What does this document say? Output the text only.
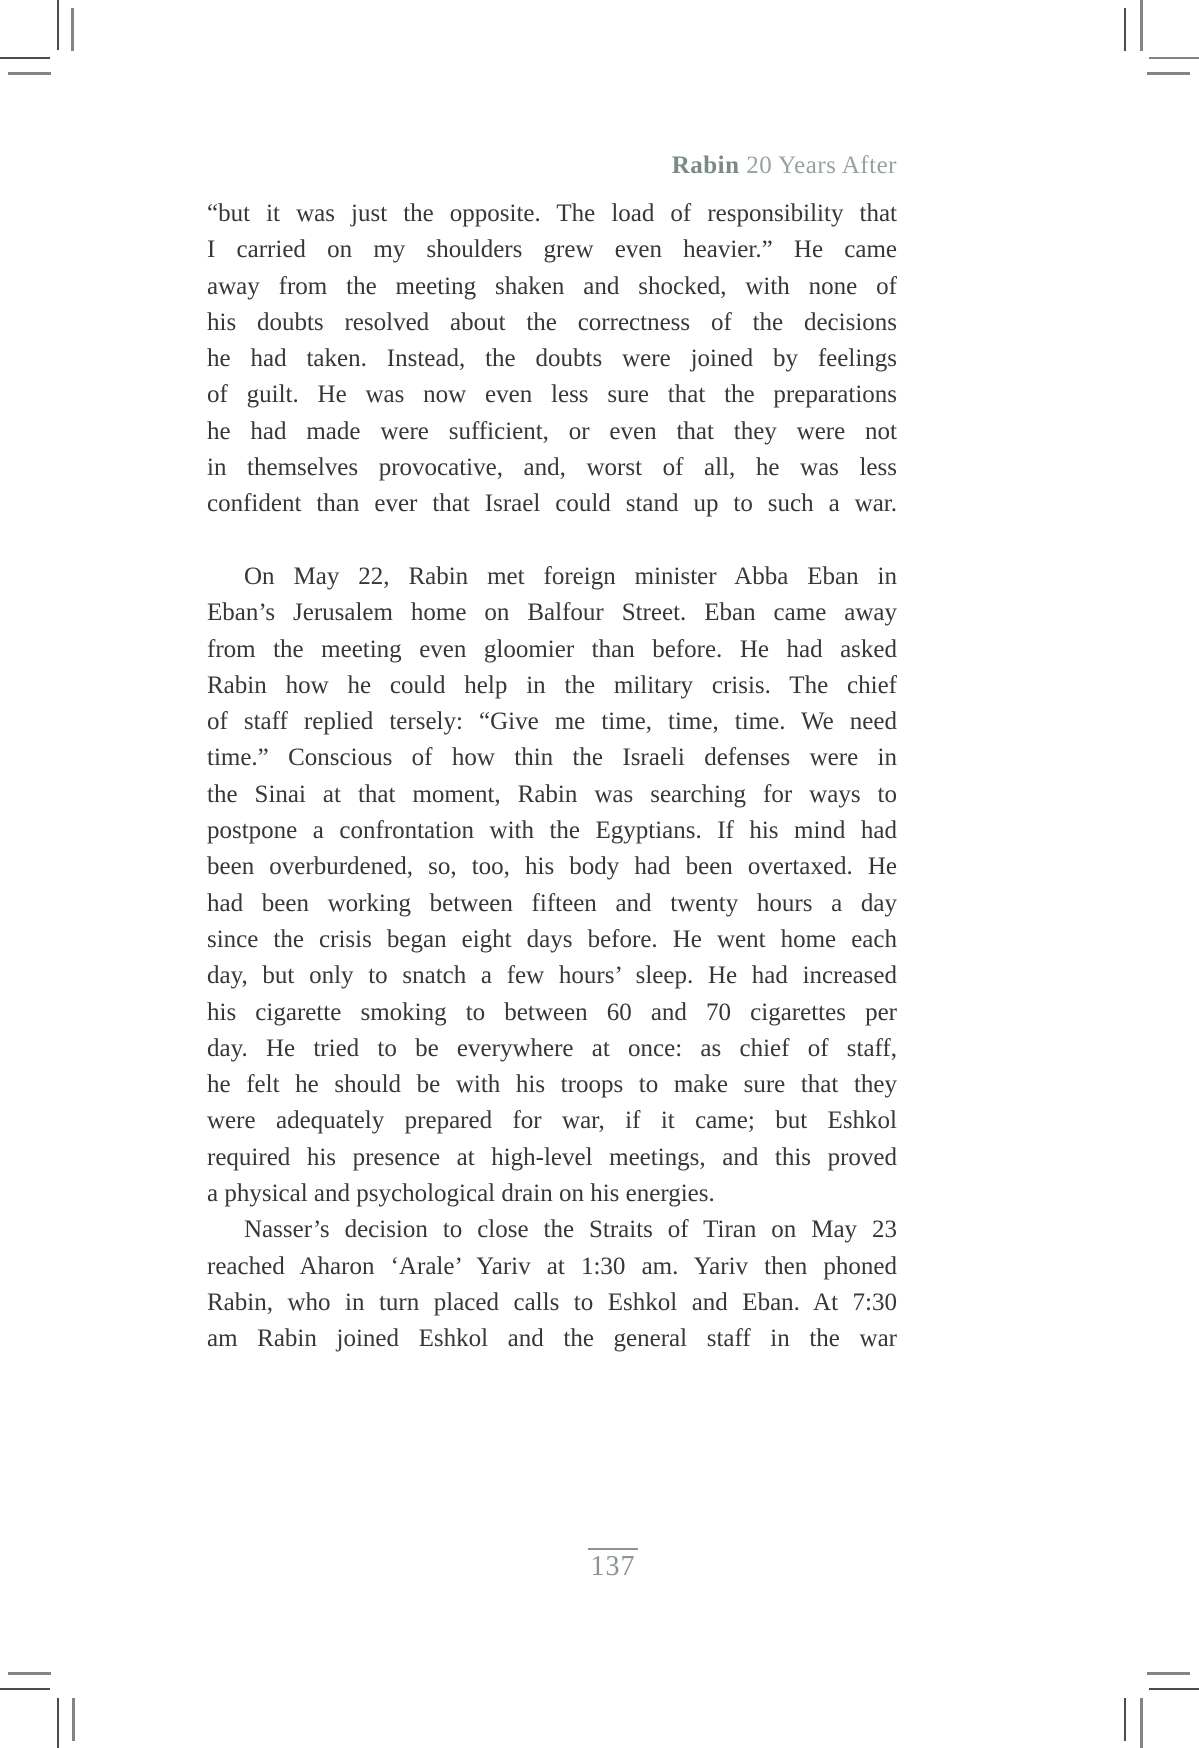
Rabin 20 Years After
“but it was just the opposite. The load of responsibility that
I carried on my shoulders grew even heavier.” He came
away from the meeting shaken and shocked, with none of
his doubts resolved about the correctness of the decisions
he had taken. Instead, the doubts were joined by feelings
of guilt. He was now even less sure that the preparations
he had made were sufficient, or even that they were not
in themselves provocative, and, worst of all, he was less
confident than ever that Israel could stand up to such a war.
On May 22, Rabin met foreign minister Abba Eban in
Eban’s Jerusalem home on Balfour Street. Eban came away
from the meeting even gloomier than before. He had asked
Rabin how he could help in the military crisis. The chief
of staff replied tersely: “Give me time, time, time. We need
time.” Conscious of how thin the Israeli defenses were in
the Sinai at that moment, Rabin was searching for ways to
postpone a confrontation with the Egyptians. If his mind had
been overburdened, so, too, his body had been overtaxed. He
had been working between fifteen and twenty hours a day
since the crisis began eight days before. He went home each
day, but only to snatch a few hours’ sleep. He had increased
his cigarette smoking to between 60 and 70 cigarettes per
day. He tried to be everywhere at once: as chief of staff,
he felt he should be with his troops to make sure that they
were adequately prepared for war, if it came; but Eshkol
required his presence at high-level meetings, and this proved
a physical and psychological drain on his energies.
Nasser’s decision to close the Straits of Tiran on May 23
reached Aharon ‘Arale’ Yariv at 1:30 am. Yariv then phoned
Rabin, who in turn placed calls to Eshkol and Eban. At 7:30
am Rabin joined Eshkol and the general staff in the war
137
